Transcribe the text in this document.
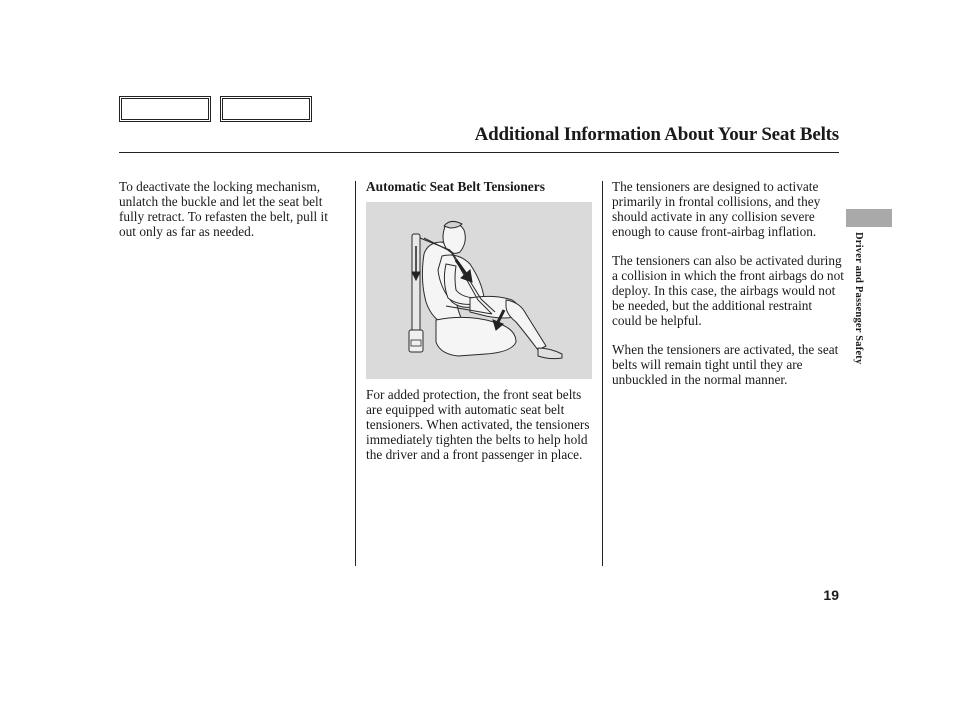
Additional Information About Your Seat Belts

To deactivate the locking mechanism, unlatch the buckle and let the seat belt fully retract. To refasten the belt, pull it out only as far as needed.

Automatic Seat Belt Tensioners

For added protection, the front seat belts are equipped with automatic seat belt tensioners. When activated, the tensioners immediately tighten the belts to help hold the driver and a front passenger in place.

The tensioners are designed to activate primarily in frontal collisions, and they should activate in any collision severe enough to cause front-airbag inflation.

The tensioners can also be activated during a collision in which the front airbags do not deploy. In this case, the airbags would not be needed, but the additional restraint could be helpful.

When the tensioners are activated, the seat belts will remain tight until they are unbuckled in the normal manner.

Driver and Passenger Safety
19
